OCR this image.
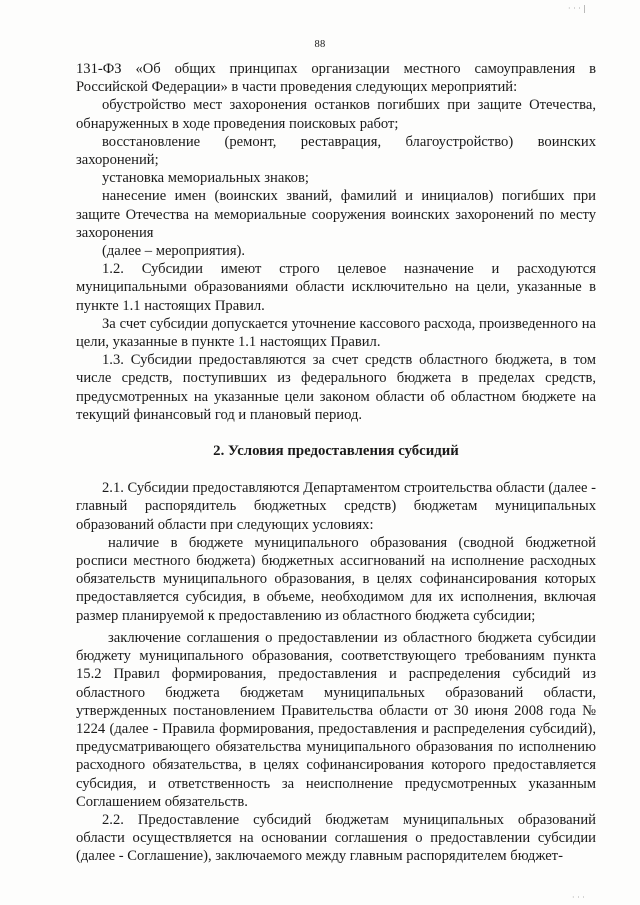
88
· · · |
· · ·

131-ФЗ «Об общих принципах организации местного самоуправления в Российской Федерации» в части проведения следующих мероприятий:

обустройство мест захоронения останков погибших при защите Отечества, обнаруженных в ходе проведения поисковых работ;

восстановление (ремонт, реставрация, благоустройство) воинских захоронений;

установка мемориальных знаков;

нанесение имен (воинских званий, фамилий и инициалов) погибших при защите Отечества на мемориальные сооружения воинских захоронений по месту захоронения

(далее – мероприятия).

1.2. Субсидии имеют строго целевое назначение и расходуются муниципальными образованиями области исключительно на цели, указанные в пункте 1.1 настоящих Правил.

За счет субсидии допускается уточнение кассового расхода, произведенного на цели, указанные в пункте 1.1 настоящих Правил.

1.3. Субсидии предоставляются за счет средств областного бюджета, в том числе средств, поступивших из федерального бюджета в пределах средств, предусмотренных на указанные цели законом области об областном бюджете на текущий финансовый год и плановый период.

2. Условия предоставления субсидий

2.1. Субсидии предоставляются Департаментом строительства области (далее - главный распорядитель бюджетных средств) бюджетам муниципальных образований области при следующих условиях:

наличие в бюджете муниципального образования (сводной бюджетной росписи местного бюджета) бюджетных ассигнований на исполнение расходных обязательств муниципального образования, в целях софинансирования которых предоставляется субсидия, в объеме, необходимом для их исполнения, включая размер планируемой к предоставлению из областного бюджета субсидии;

заключение соглашения о предоставлении из областного бюджета субсидии бюджету муниципального образования, соответствующего требованиям пункта 15.2 Правил формирования, предоставления и распределения субсидий из областного бюджета бюджетам муниципальных образований области, утвержденных постановлением Правительства области от 30 июня 2008 года № 1224 (далее - Правила формирования, предоставления и распределения субсидий), предусматривающего обязательства муниципального образования по исполнению расходного обязательства, в целях софинансирования которого предоставляется субсидия, и ответственность за неисполнение предусмотренных указанным Соглашением обязательств.

2.2. Предоставление субсидий бюджетам муниципальных образований области осуществляется на основании соглашения о предоставлении субсидии (далее - Соглашение), заключаемого между главным распорядителем бюджет-
